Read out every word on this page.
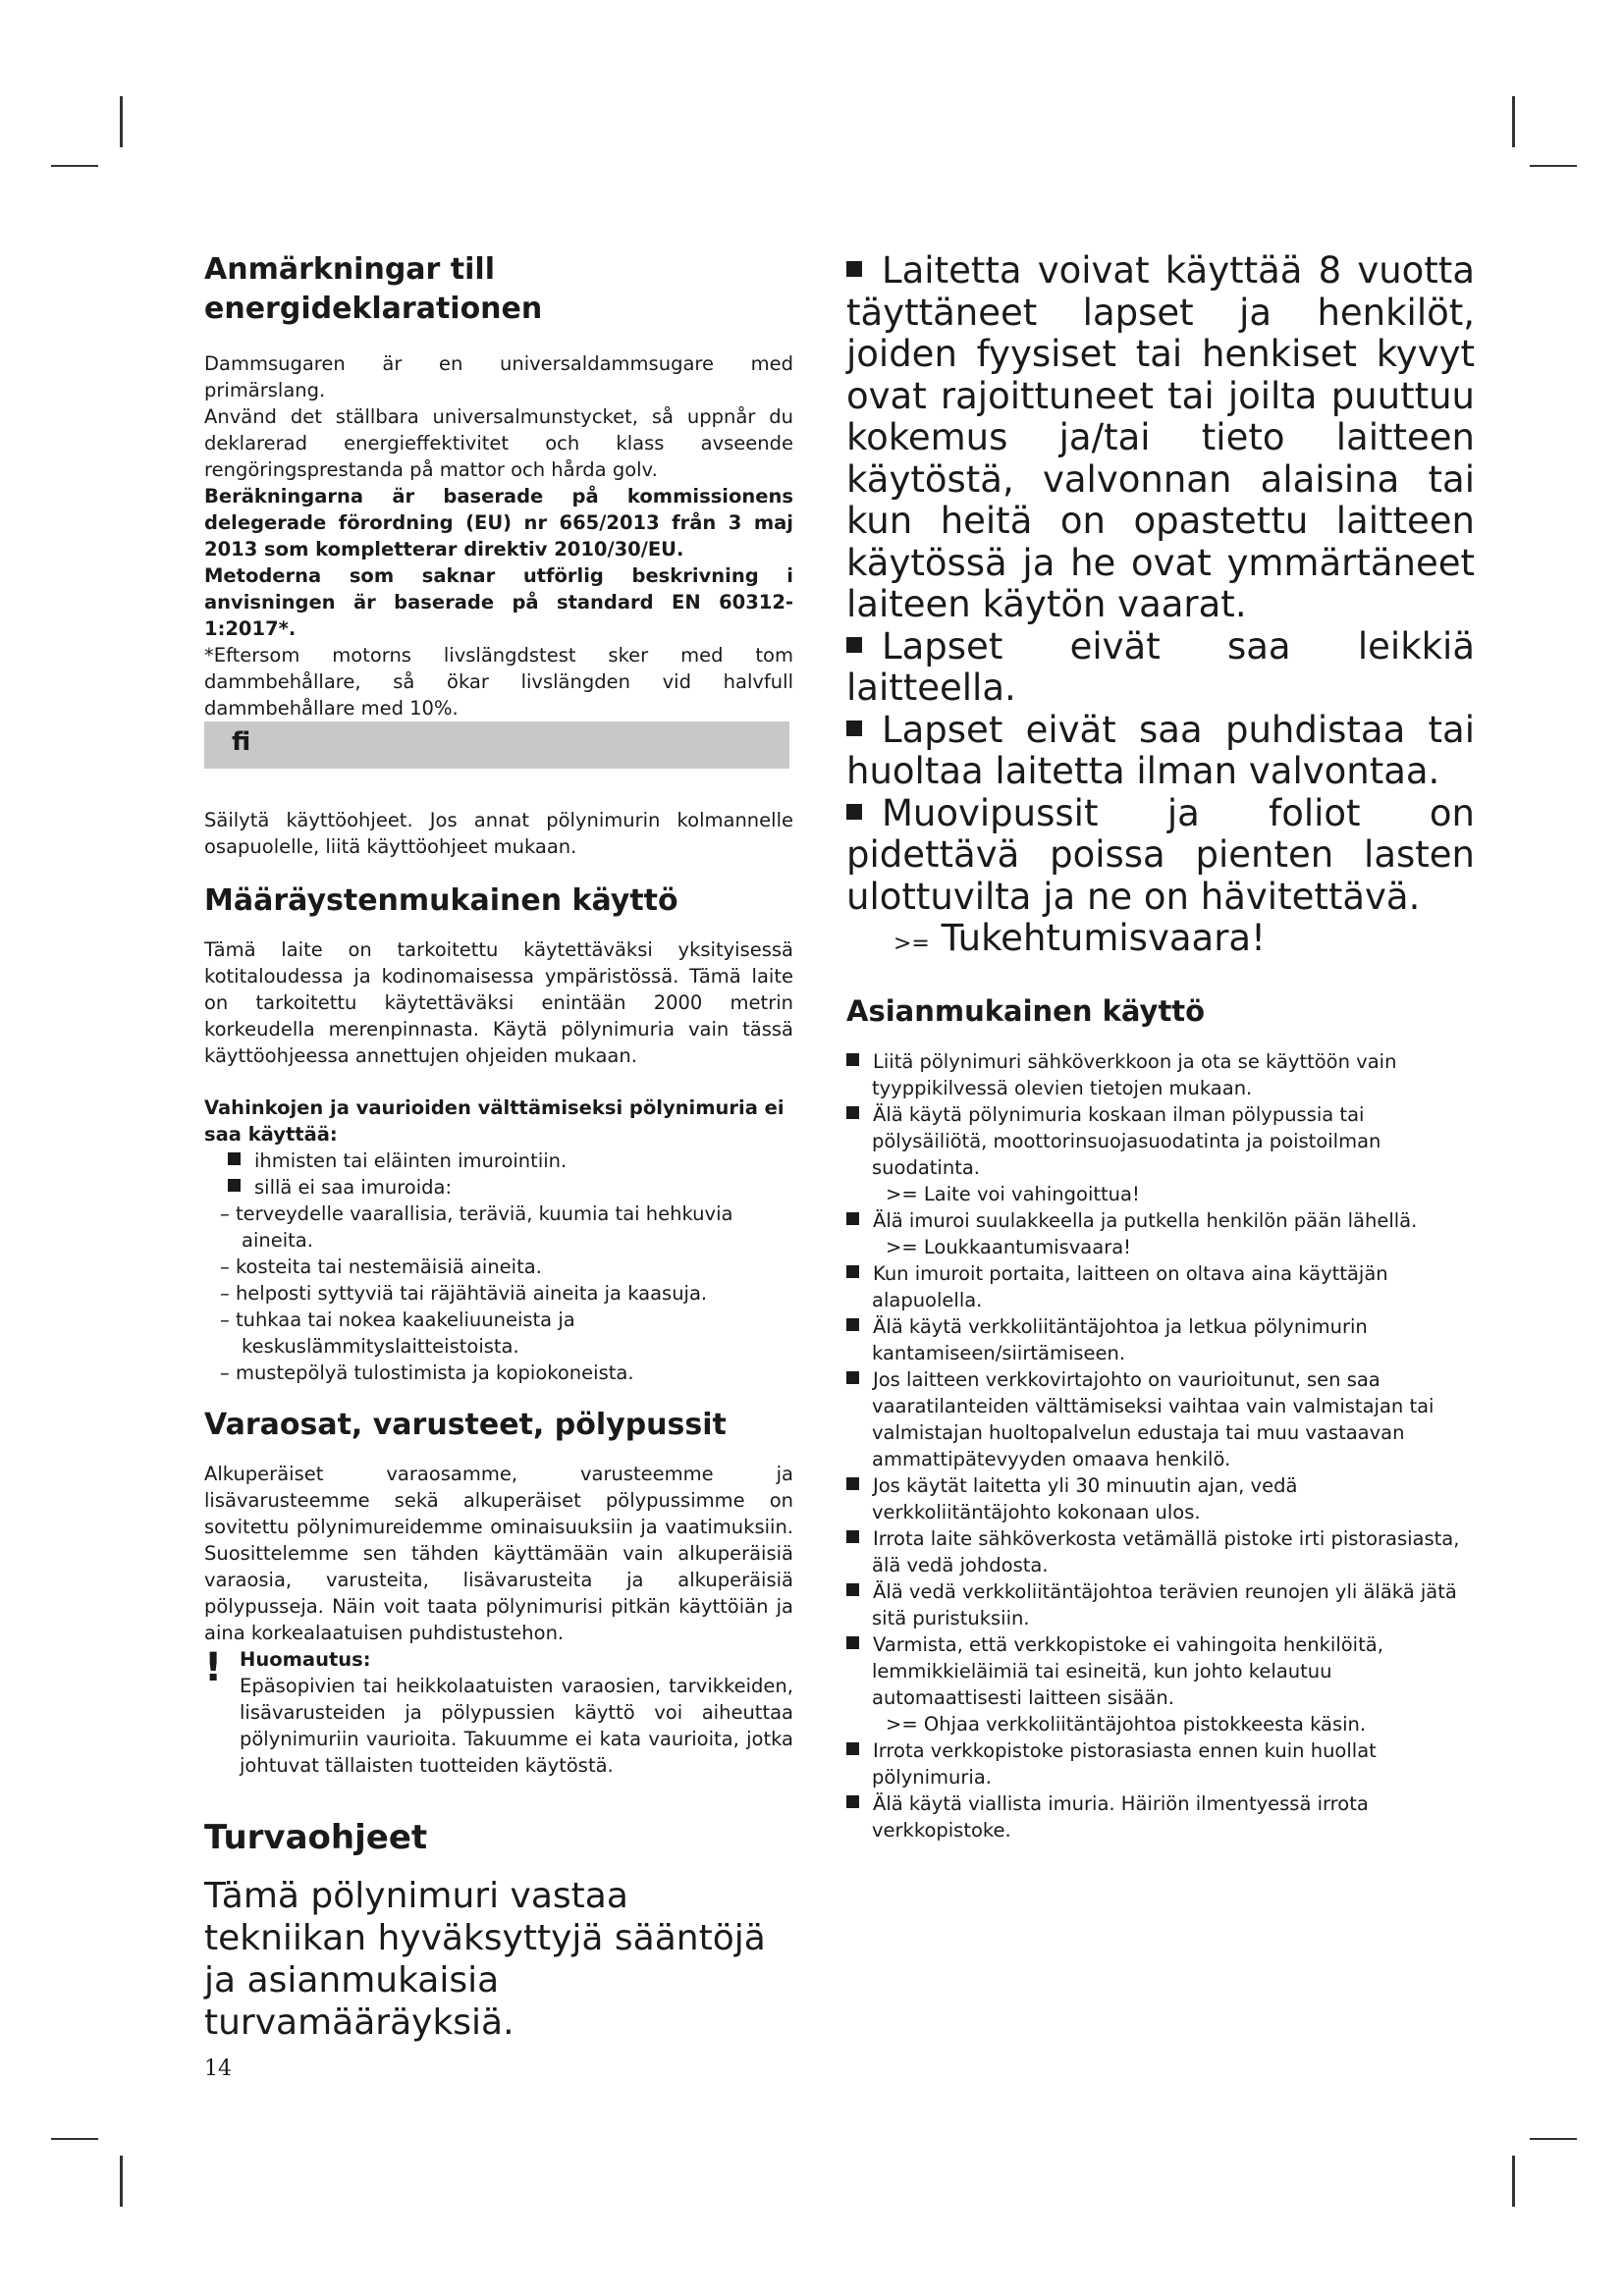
Anmärkningar till energideklarationen

Dammsugaren är en universaldammsugare med primärslang.

Använd det ställbara universalmunstycket, så uppnår du deklarerad energieffektivitet och klass avseende rengöringsprestanda på mattor och hårda golv.

Beräkningarna är baserade på kommissionens delegerade förordning (EU) nr 665/2013 från 3 maj 2013 som kompletterar direktiv 2010/30/EU.

Metoderna som saknar utförlig beskrivning i anvisningen är baserade på standard EN 60312-1:2017*.

*Eftersom motorns livslängdstest sker med tom dammbehållare, så ökar livslängden vid halvfull dammbehållare med 10%.

fi

Säilytä käyttöohjeet. Jos annat pölynimurin kolmannelle osapuolelle, liitä käyttöohjeet mukaan.

Määräystenmukainen käyttö

Tämä laite on tarkoitettu käytettäväksi yksityisessä kotitaloudessa ja kodinomaisessa ympäristössä. Tämä laite on tarkoitettu käytettäväksi enintään 2000 metrin korkeudella merenpinnasta. Käytä pölynimuria vain tässä käyttöohjeessa annettujen ohjeiden mukaan.

Vahinkojen ja vaurioiden välttämiseksi pölynimuria ei saa käyttää:

ihmisten tai eläinten imurointiin.

sillä ei saa imuroida:

– terveydelle vaarallisia, teräviä, kuumia tai hehkuvia aineita.

– kosteita tai nestemäisiä aineita.

– helposti syttyviä tai räjähtäviä aineita ja kaasuja.

– tuhkaa tai nokea kaakeliuuneista ja keskuslämmityslaitteistoista.

– mustepölyä tulostimista ja kopiokoneista.

Varaosat, varusteet, pölypussit

Alkuperäiset varaosamme, varusteemme ja lisävarusteemme sekä alkuperäiset pölypussimme on sovitettu pölynimureidemme ominaisuuksiin ja vaatimuksiin. Suosittelemme sen tähden käyttämään vain alkuperäisiä varaosia, varusteita, lisävarusteita ja alkuperäisiä pölypusseja. Näin voit taata pölynimurisi pitkän käyttöiän ja aina korkealaatuisen puhdistustehon.

! Huomautus:

Epäsopivien tai heikkolaatuisten varaosien, tarvikkeiden, lisävarusteiden ja pölypussien käyttö voi aiheuttaa pölynimuriin vaurioita. Takuumme ei kata vaurioita, jotka johtuvat tällaisten tuotteiden käytöstä.

Turvaohjeet

Tämä pölynimuri vastaa tekniikan hyväksyttyjä sääntöjä ja asianmukaisia turvamääräyksiä.

14

Laitetta voivat käyttää 8 vuotta täyttäneet lapset ja henkilöt, joiden fyysiset tai henkiset kyvyt ovat rajoittuneet tai joilta puuttuu kokemus ja/tai tieto laitteen käytöstä, valvonnan alaisina tai kun heitä on opastettu laitteen käytössä ja he ovat ymmärtäneet laiteen käytön vaarat.

Lapset eivät saa leikkiä laitteella.

Lapset eivät saa puhdistaa tai huoltaa laitetta ilman valvontaa.

Muovipussit ja foliot on pidettävä poissa pienten lasten ulottuvilta ja ne on hävitettävä.

>= Tukehtumisvaara!

Asianmukainen käyttö

Liitä pölynimuri sähköverkkoon ja ota se käyttöön vain tyyppikilvessä olevien tietojen mukaan.

Älä käytä pölynimuria koskaan ilman pölypussia tai pölysäiliötä, moottorinsuojasuodatinta ja poistoilman suodatinta.

>= Laite voi vahingoittua!

Älä imuroi suulakkeella ja putkella henkilön pään lähellä.

>= Loukkaantumisvaara!

Kun imuroit portaita, laitteen on oltava aina käyttäjän alapuolella.

Älä käytä verkkoliitäntäjohtoa ja letkua pölynimurin kantamiseen/siirtämiseen.

Jos laitteen verkkovirtajohto on vaurioitunut, sen saa vaaratilanteiden välttämiseksi vaihtaa vain valmistajan tai valmistajan huoltopalvelun edustaja tai muu vastaavan ammattipätevyyden omaava henkilö.

Jos käytät laitetta yli 30 minuutin ajan, vedä verkkoliitäntäjohto kokonaan ulos.

Irrota laite sähköverkosta vetämällä pistoke irti pistorasiasta, älä vedä johdosta.

Älä vedä verkkoliitäntäjohtoa terävien reunojen yli äläkä jätä sitä puristuksiin.

Varmista, että verkkopistoke ei vahingoita henkilöitä, lemmikkieläimiä tai esineitä, kun johto kelautuu automaattisesti laitteen sisään.

>= Ohjaa verkkoliitäntäjohtoa pistokkeesta käsin.

Irrota verkkopistoke pistorasiasta ennen kuin huollat pölynimuria.

Älä käytä viallista imuria. Häiriön ilmentyessä irrota verkkopistoke.
